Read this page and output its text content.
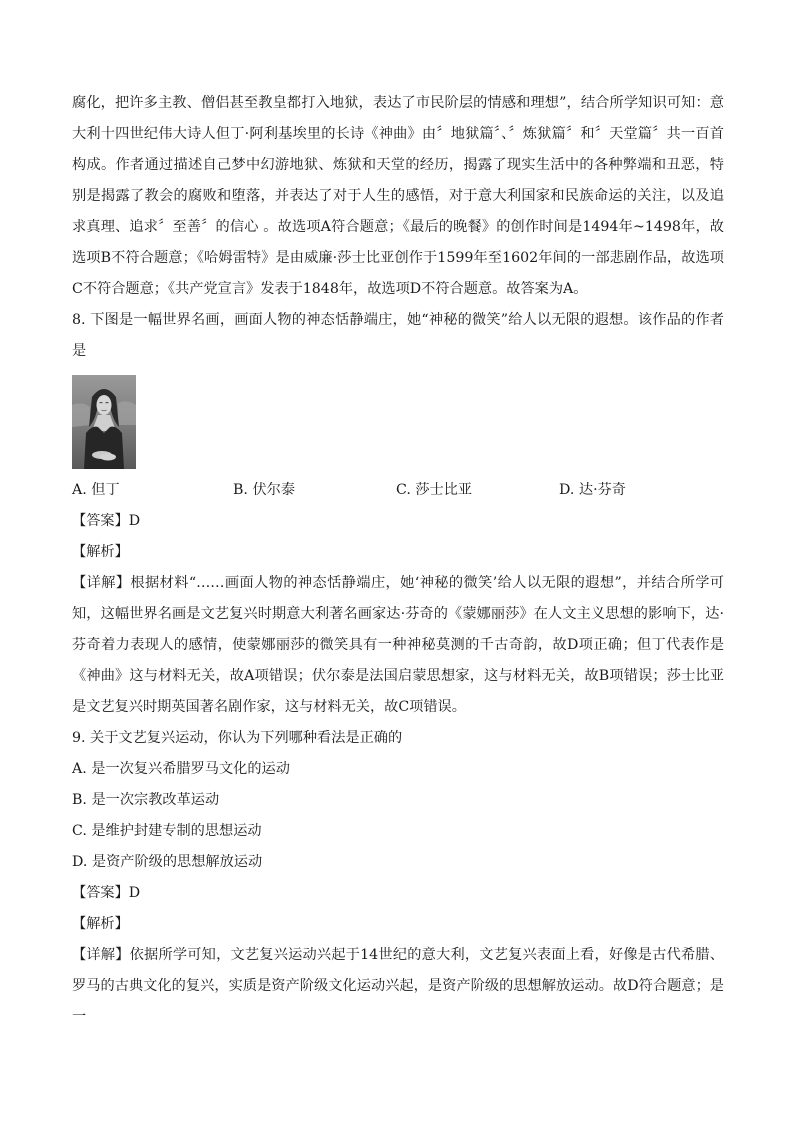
腐化，把许多主教、僧侣甚至教皇都打入地狱，表达了市民阶层的情感和理想”，结合所学知识可知：意大利十四世纪伟大诗人但丁·阿利基埃里的长诗《神曲》由〞地狱篇〞、〞炼狱篇〞和〞天堂篇〞共一百首构成。作者通过描述自己梦中幻游地狱、炼狱和天堂的经历，揭露了现实生活中的各种弊端和丑恶，特别是揭露了教会的腐败和堕落，并表达了对于人生的感悟，对于意大利国家和民族命运的关注，以及追求真理、追求〞至善〞的信心 。故选项A符合题意；《最后的晚餐》的创作时间是1494年~1498年，故选项B不符合题意；《哈姆雷特》是由威廉·莎士比亚创作于1599年至1602年间的一部悲剧作品，故选项C不符合题意；《共产党宣言》发表于1848年，故选项D不符合题意。故答案为A。

8. 下图是一幅世界名画，画面人物的神态恬静端庄，她“神秘的微笑”给人以无限的遐想。该作品的作者是

A. 但丁	B. 伏尔泰	C. 莎士比亚	D. 达·芬奇

【答案】D

【解析】

【详解】根据材料“……画面人物的神态恬静端庄，她‘神秘的微笑’给人以无限的遐想”，并结合所学可知，这幅世界名画是文艺复兴时期意大利著名画家达·芬奇的《蒙娜丽莎》在人文主义思想的影响下，达·芬奇着力表现人的感情，使蒙娜丽莎的微笑具有一种神秘莫测的千古奇韵，故D项正确；但丁代表作是《神曲》这与材料无关，故A项错误；伏尔泰是法国启蒙思想家，这与材料无关，故B项错误；莎士比亚是文艺复兴时期英国著名剧作家，这与材料无关，故C项错误。

9. 关于文艺复兴运动，你认为下列哪种看法是正确的

A. 是一次复兴希腊罗马文化的运动

B. 是一次宗教改革运动

C. 是维护封建专制的思想运动

D. 是资产阶级的思想解放运动

【答案】D

【解析】

【详解】依据所学可知，文艺复兴运动兴起于14世纪的意大利，文艺复兴表面上看，好像是古代希腊、罗马的古典文化的复兴，实质是资产阶级文化运动兴起，是资产阶级的思想解放运动。故D符合题意；是一
